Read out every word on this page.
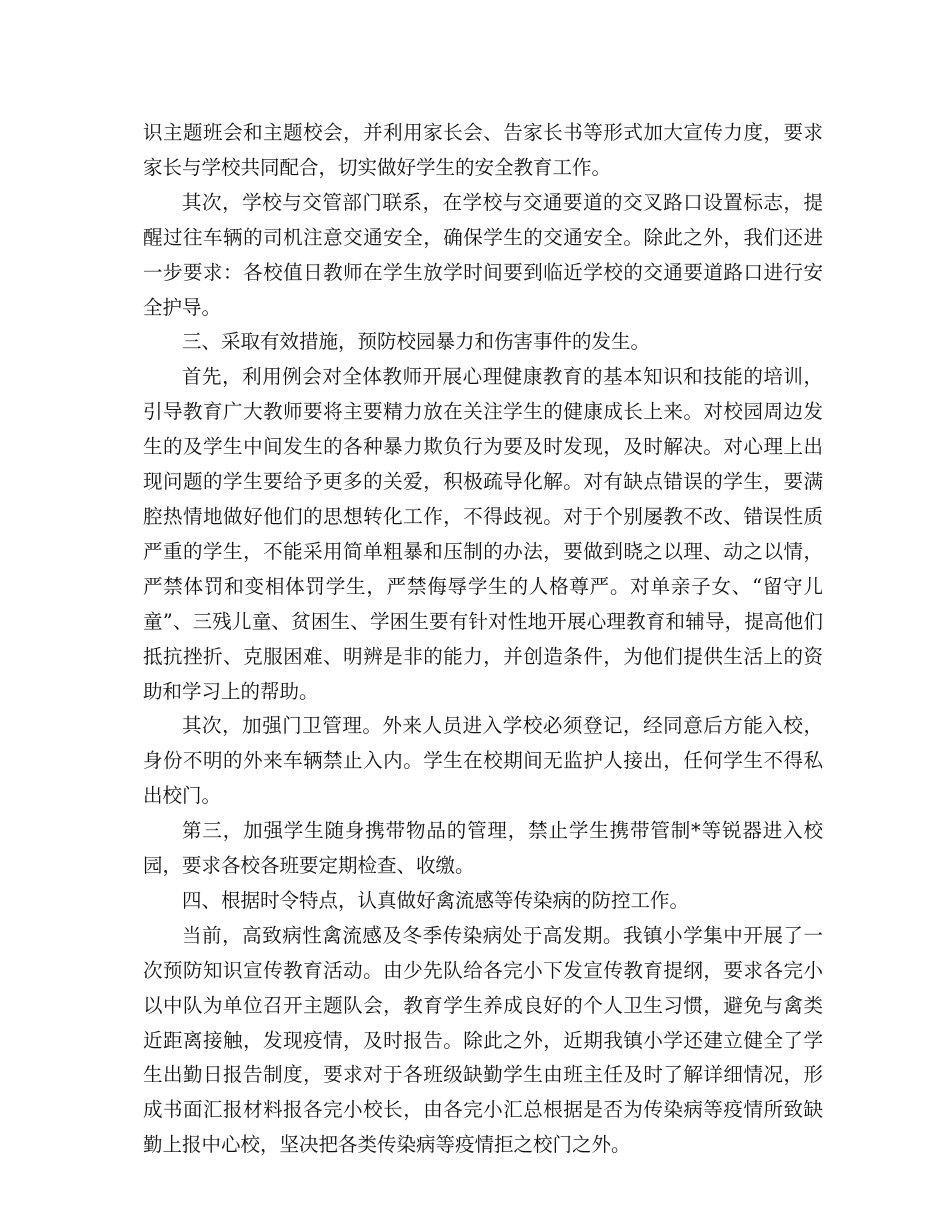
识主题班会和主题校会，并利用家长会、告家长书等形式加大宣传力度，要求家长与学校共同配合，切实做好学生的安全教育工作。

其次，学校与交管部门联系，在学校与交通要道的交叉路口设置标志，提醒过往车辆的司机注意交通安全，确保学生的交通安全。除此之外，我们还进一步要求：各校值日教师在学生放学时间要到临近学校的交通要道路口进行安全护导。

三、采取有效措施，预防校园暴力和伤害事件的发生。

首先，利用例会对全体教师开展心理健康教育的基本知识和技能的培训，引导教育广大教师要将主要精力放在关注学生的健康成长上来。对校园周边发生的及学生中间发生的各种暴力欺负行为要及时发现，及时解决。对心理上出现问题的学生要给予更多的关爱，积极疏导化解。对有缺点错误的学生，要满腔热情地做好他们的思想转化工作，不得歧视。对于个别屡教不改、错误性质严重的学生，不能采用简单粗暴和压制的办法，要做到晓之以理、动之以情，严禁体罚和变相体罚学生，严禁侮辱学生的人格尊严。对单亲子女、“留守儿童”、三残儿童、贫困生、学困生要有针对性地开展心理教育和辅导，提高他们抵抗挫折、克服困难、明辨是非的能力，并创造条件，为他们提供生活上的资助和学习上的帮助。

其次，加强门卫管理。外来人员进入学校必须登记，经同意后方能入校，身份不明的外来车辆禁止入内。学生在校期间无监护人接出，任何学生不得私出校门。

第三，加强学生随身携带物品的管理，禁止学生携带管制*等锐器进入校园，要求各校各班要定期检查、收缴。

四、根据时令特点，认真做好禽流感等传染病的防控工作。

当前，高致病性禽流感及冬季传染病处于高发期。我镇小学集中开展了一次预防知识宣传教育活动。由少先队给各完小下发宣传教育提纲，要求各完小以中队为单位召开主题队会，教育学生养成良好的个人卫生习惯，避免与禽类近距离接触，发现疫情，及时报告。除此之外，近期我镇小学还建立健全了学生出勤日报告制度，要求对于各班级缺勤学生由班主任及时了解详细情况，形成书面汇报材料报各完小校长，由各完小汇总根据是否为传染病等疫情所致缺勤上报中心校，坚决把各类传染病等疫情拒之校门之外。
